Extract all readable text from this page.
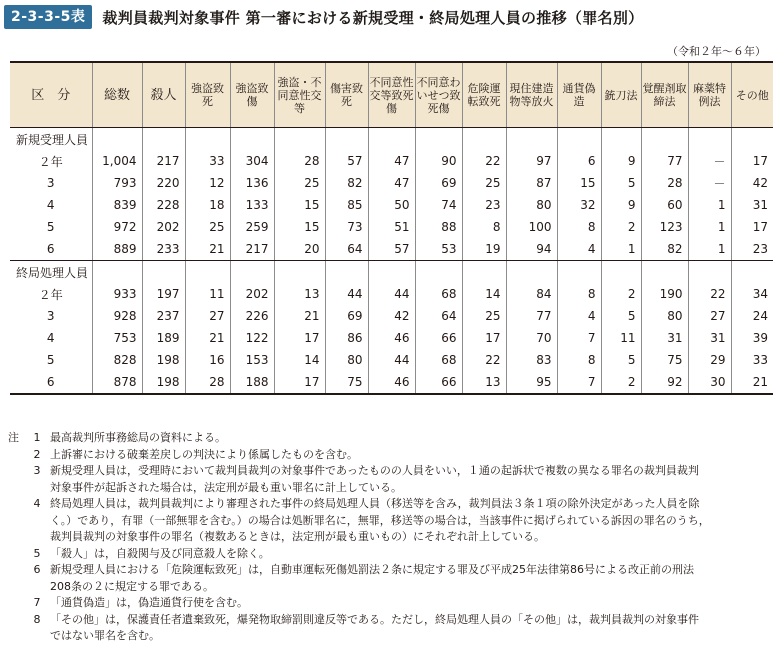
2-3-3-5表	裁判員裁判対象事件 第一審における新規受理・終局処理人員の推移（罪名別）
（令和２年～６年）
区　分	総数	殺人	強盗致死	強盗致傷	強盗・不同意性交等	傷害致死	不同意性交等致死傷	不同意わいせつ致死傷	危険運転致死	現住建造物等放火	通貨偽造	銃刀法	覚醒剤取締法	麻薬特例法	その他
新規受理人員															
２年	1,004	217	33	304	28	57	47	90	22	97	6	9	77	－	17
3	793	220	12	136	25	82	47	69	25	87	15	5	28	－	42
4	839	228	18	133	15	85	50	74	23	80	32	9	60	1	31
5	972	202	25	259	15	73	51	88	8	100	8	2	123	1	17
6	889	233	21	217	20	64	57	53	19	94	4	1	82	1	23
終局処理人員															
２年	933	197	11	202	13	44	44	68	14	84	8	2	190	22	34
3	928	237	27	226	21	69	42	64	25	77	4	5	80	27	24
4	753	189	21	122	17	86	46	66	17	70	7	11	31	31	39
5	828	198	16	153	14	80	44	68	22	83	8	5	75	29	33
6	878	198	28	188	17	75	46	66	13	95	7	2	92	30	21
注	1 最高裁判所事務総局の資料による。
2 上訴審における破棄差戻しの判決により係属したものを含む。
3 新規受理人員は，受理時において裁判員裁判の対象事件であったものの人員をいい，１通の起訴状で複数の異なる罪名の裁判員裁判
対象事件が起訴された場合は，法定刑が最も重い罪名に計上している。
4 終局処理人員は，裁判員裁判により審理された事件の終局処理人員（移送等を含み，裁判員法３条１項の除外決定があった人員を除
く。）であり，有罪（一部無罪を含む。）の場合は処断罪名に，無罪，移送等の場合は，当該事件に掲げられている訴因の罪名のうち，
裁判員裁判の対象事件の罪名（複数あるときは，法定刑が最も重いもの）にそれぞれ計上している。
5 「殺人」は，自殺関与及び同意殺人を除く。
6 新規受理人員における「危険運転致死」は，自動車運転死傷処罰法２条に規定する罪及び平成25年法律第86号による改正前の刑法
208条の２に規定する罪である。
7 「通貨偽造」は，偽造通貨行使を含む。
8 「その他」は，保護責任者遺棄致死，爆発物取締罰則違反等である。ただし，終局処理人員の「その他」は，裁判員裁判の対象事件
ではない罪名を含む。
